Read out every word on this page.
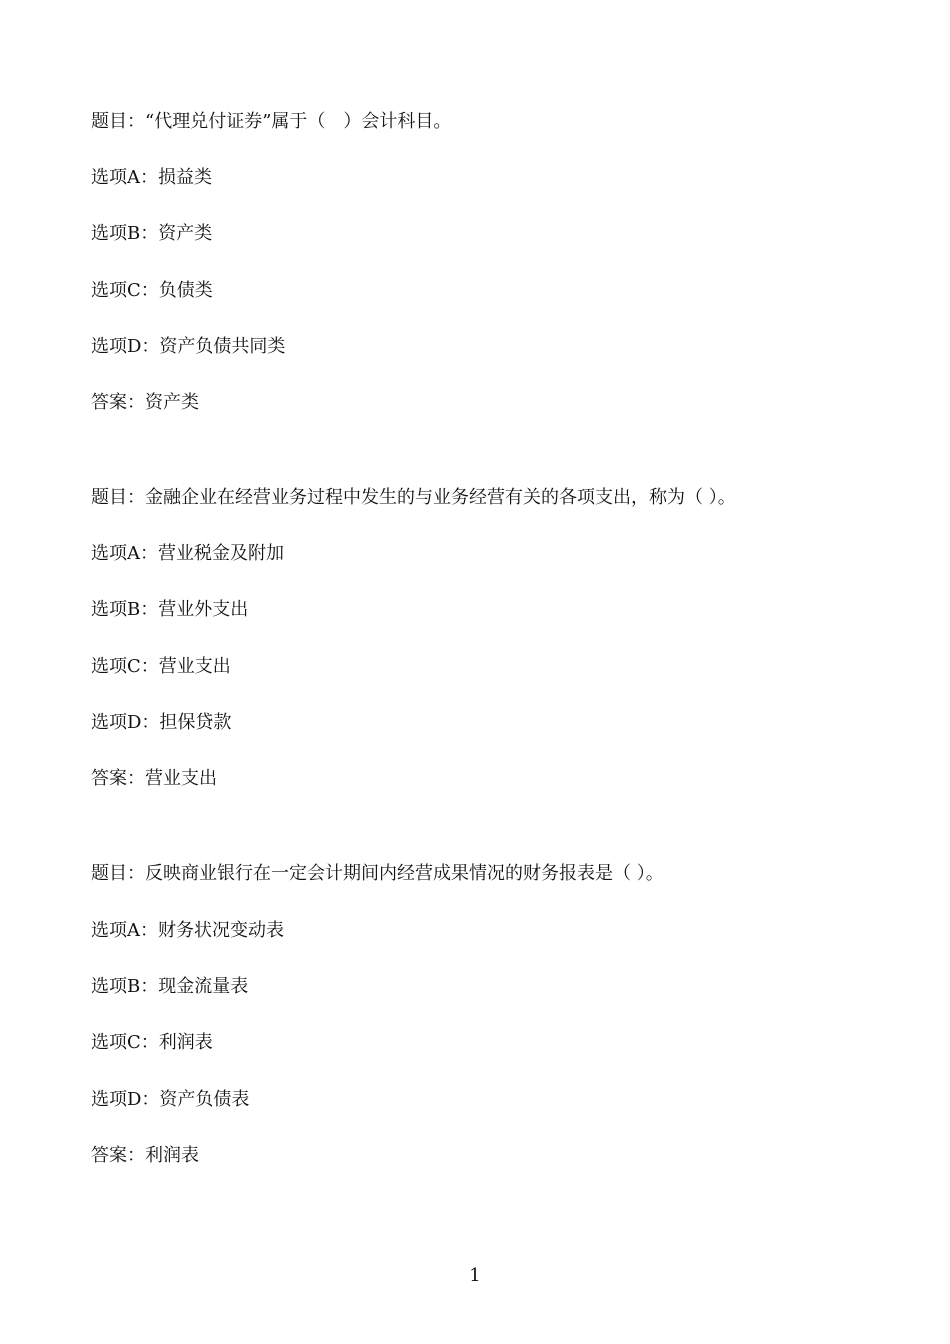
题目：“代理兑付证券”属于（　）会计科目。
选项A：损益类
选项B：资产类
选项C：负债类
选项D：资产负债共同类
答案：资产类
题目：金融企业在经营业务过程中发生的与业务经营有关的各项支出，称为（ ）。
选项A：营业税金及附加
选项B：营业外支出
选项C：营业支出
选项D：担保贷款
答案：营业支出
题目：反映商业银行在一定会计期间内经营成果情况的财务报表是（ ）。
选项A：财务状况变动表
选项B：现金流量表
选项C：利润表
选项D：资产负债表
答案：利润表
1
